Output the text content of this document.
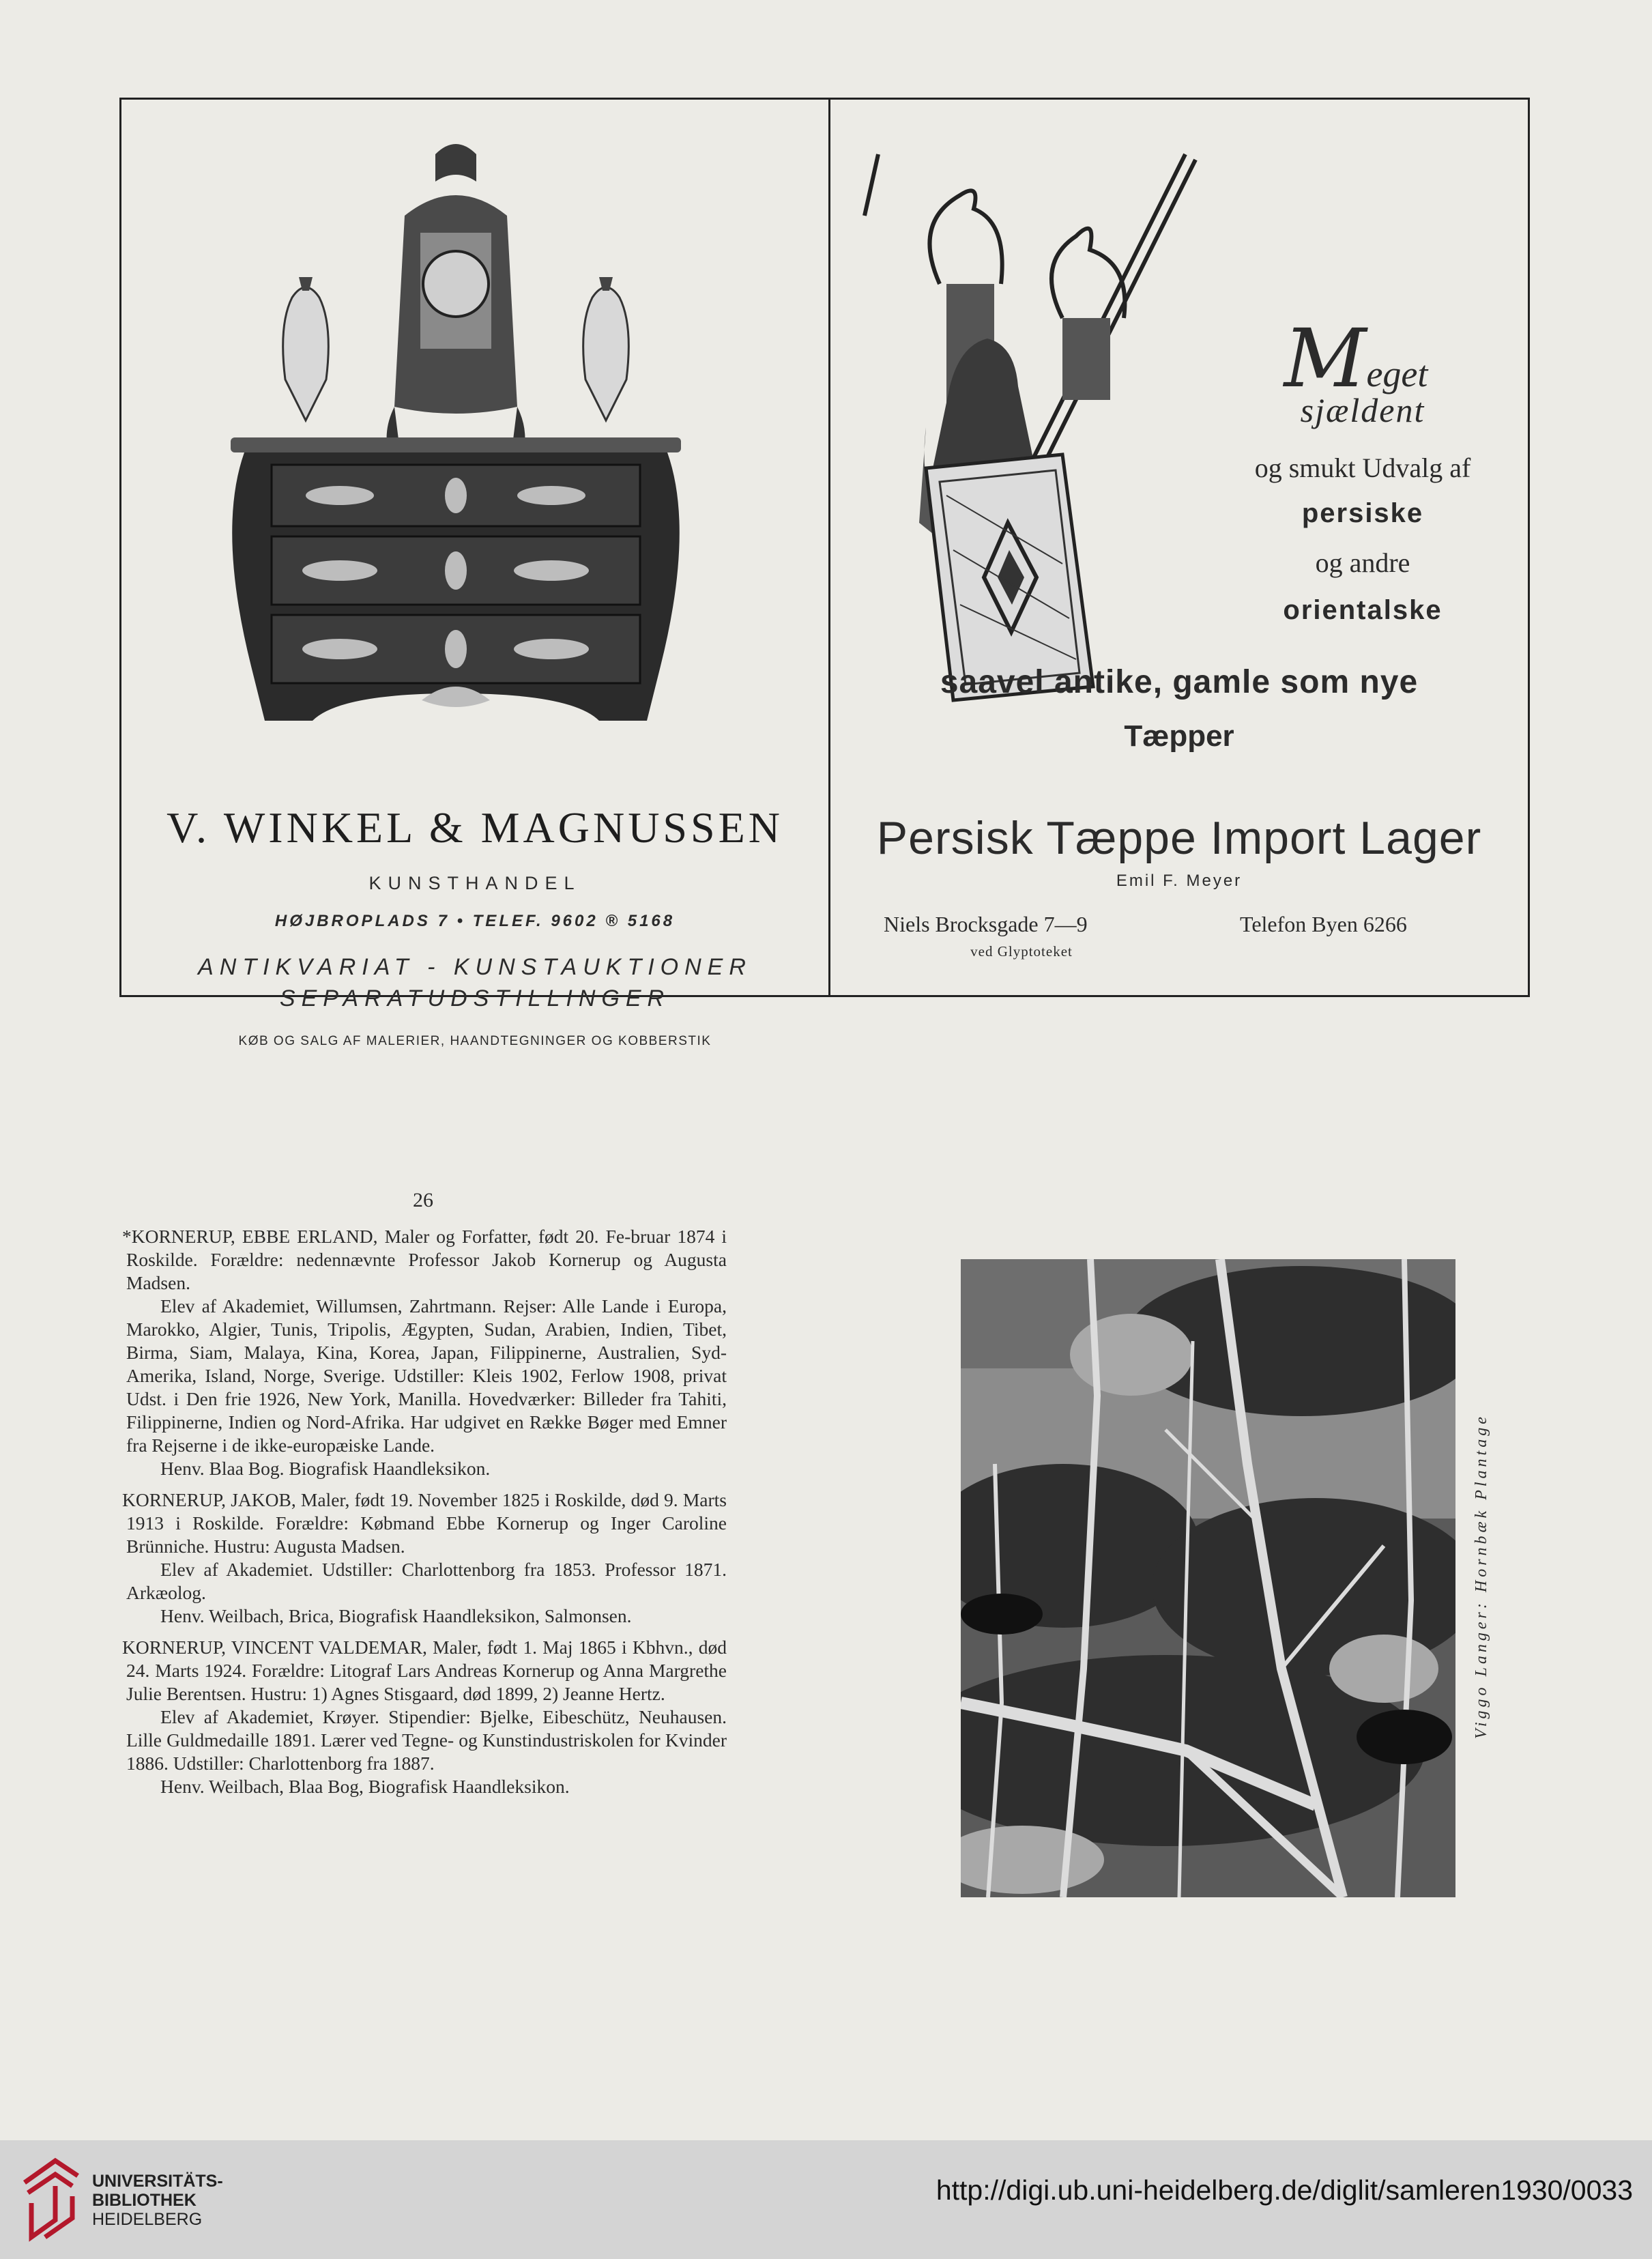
V. WINKEL & MAGNUSSEN
KUNSTHANDEL
HØJBROPLADS 7 • TELEF. 9602 ® 5168
ANTIKVARIAT - KUNSTAUKTIONER
SEPARATUDSTILLINGER
KØB OG SALG AF MALERIER, HAANDTEGNINGER OG KOBBERSTIK
Meget
sjældent
og smukt Udvalg af
persiske
og andre
orientalske
saavel antike, gamle som nye
Tæpper
Persisk Tæppe Import Lager
Emil F. Meyer
Niels Brocksgade 7—9	Telefon Byen 6266
ved Glyptoteket
26

*KORNERUP, EBBE ERLAND, Maler og Forfatter, født 20. Fe-bruar 1874 i Roskilde. Forældre: nedennævnte Professor Jakob Kornerup og Augusta Madsen.

Elev af Akademiet, Willumsen, Zahrtmann. Rejser: Alle Lande i Europa, Marokko, Algier, Tunis, Tripolis, Ægypten, Sudan, Arabien, Indien, Tibet, Birma, Siam, Malaya, Kina, Korea, Japan, Filippinerne, Australien, Syd-Amerika, Island, Norge, Sverige. Udstiller: Kleis 1902, Ferlow 1908, privat Udst. i Den frie 1926, New York, Manilla. Hovedværker: Billeder fra Tahiti, Filippinerne, Indien og Nord-Afrika. Har udgivet en Række Bøger med Emner fra Rejserne i de ikke-europæiske Lande.

Henv. Blaa Bog. Biografisk Haandleksikon.

KORNERUP, JAKOB, Maler, født 19. November 1825 i Roskilde, død 9. Marts 1913 i Roskilde. Forældre: Købmand Ebbe Kornerup og Inger Caroline Brünniche. Hustru: Augusta Madsen.

Elev af Akademiet. Udstiller: Charlottenborg fra 1853. Professor 1871. Arkæolog.

Henv. Weilbach, Brica, Biografisk Haandleksikon, Salmonsen.

KORNERUP, VINCENT VALDEMAR, Maler, født 1. Maj 1865 i Kbhvn., død 24. Marts 1924. Forældre: Litograf Lars Andreas Kornerup og Anna Margrethe Julie Berentsen. Hustru: 1) Agnes Stisgaard, død 1899, 2) Jeanne Hertz.

Elev af Akademiet, Krøyer. Stipendier: Bjelke, Eibeschütz, Neuhausen. Lille Guldmedaille 1891. Lærer ved Tegne- og Kunstindustriskolen for Kvinder 1886. Udstiller: Charlottenborg fra 1887.

Henv. Weilbach, Blaa Bog, Biografisk Haandleksikon.

Viggo Langer: Hornbæk Plantage
UNIVERSITÄTS-
BIBLIOTHEK
HEIDELBERG
http://digi.ub.uni-heidelberg.de/diglit/samleren1930/0033
